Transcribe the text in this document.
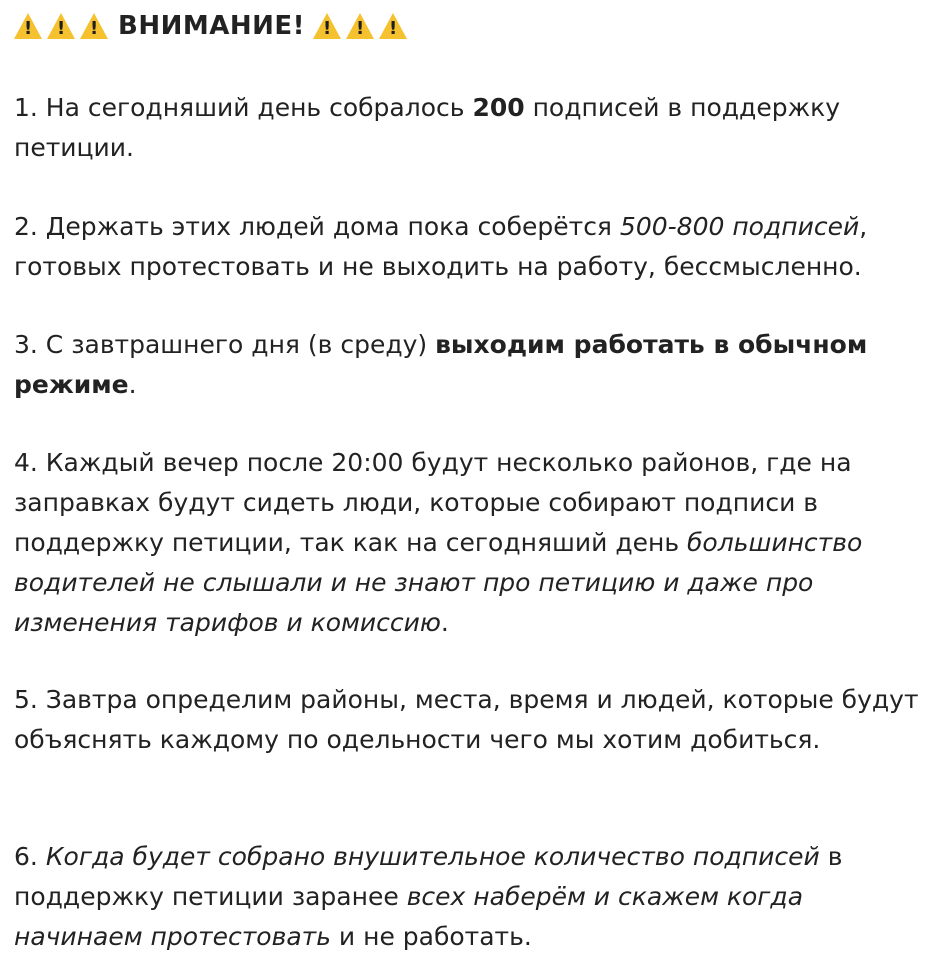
!
!
!
ВНИМАНИЕ!
!
!
!

1. На сегодняший день собралось 200 подписей в поддержку петиции.

2. Держать этих людей дома пока соберётся 500-800 подписей, готовых протестовать и не выходить на работу, бессмысленно.

3. С завтрашнего дня (в среду) выходим работать в обычном режиме.

4. Каждый вечер после 20:00 будут несколько районов, где на заправках будут сидеть люди, которые собирают подписи в поддержку петиции, так как на сегодняший день большинство водителей не слышали и не знают про петицию и даже про изменения тарифов и комиссию.

5. Завтра определим районы, места, время и людей, которые будут объяснять каждому по одельности чего мы хотим добиться.

6. Когда будет собрано внушительное количество подписей в поддержку петиции заранее всех наберём и скажем когда начинаем протестовать и не работать.
